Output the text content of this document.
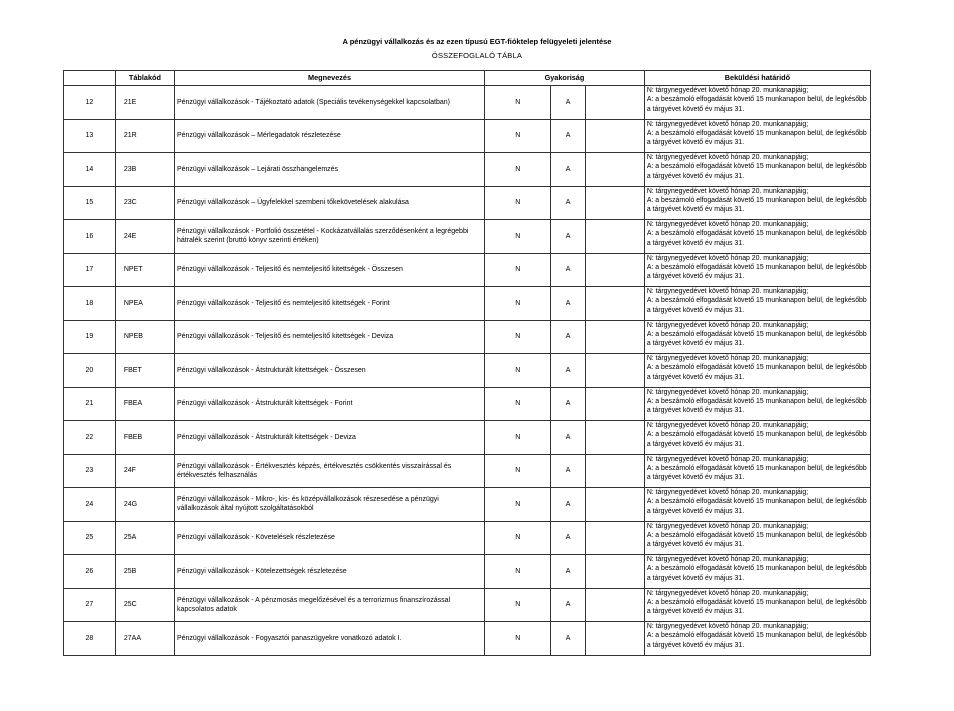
A pénzügyi vállalkozás és az ezen típusú EGT-fióktelep felügyeleti jelentése
ÖSSZEFOGLALÓ TÁBLA
	Táblakód	Megnevezés	Gyakoriság			Beküldési határidő
12	21E	Pénzügyi vállalkozások - Tájékoztató adatok (Speciális tevékenységekkel kapcsolatban)	N	A		N: tárgynegyedévet követő hónap 20. munkanapjáig;
A: a beszámoló elfogadását követő 15 munkanapon belül, de legkésőbb a tárgyévet követő év május 31.

13	21R	Pénzügyi vállalkozások – Mérlegadatok részletezése	N	A		N: tárgynegyedévet követő hónap 20. munkanapjáig;
A: a beszámoló elfogadását követő 15 munkanapon belül, de legkésőbb a tárgyévet követő év május 31.

14	23B	Pénzügyi vállalkozások – Lejárati összhangelemzés	N	A		N: tárgynegyedévet követő hónap 20. munkanapjáig;
A: a beszámoló elfogadását követő 15 munkanapon belül, de legkésőbb a tárgyévet követő év május 31.

15	23C	Pénzügyi vállalkozások – Ügyfelekkel szembeni tőkekövetelések alakulása	N	A		N: tárgynegyedévet követő hónap 20. munkanapjáig;
A: a beszámoló elfogadását követő 15 munkanapon belül, de legkésőbb a tárgyévet követő év május 31.

16	24E	Pénzügyi vállalkozások - Portfolió összetétel - Kockázatvállalás szerződésenként a legrégebbi hátralék szerint (bruttó könyv szerinti értéken)	N	A		N: tárgynegyedévet követő hónap 20. munkanapjáig;
A: a beszámoló elfogadását követő 15 munkanapon belül, de legkésőbb a tárgyévet követő év május 31.

17	NPET	Pénzügyi vállalkozások - Teljesítő és nemteljesítő kitettségek - Összesen	N	A		N: tárgynegyedévet követő hónap 20. munkanapjáig;
A: a beszámoló elfogadását követő 15 munkanapon belül, de legkésőbb a tárgyévet követő év május 31.

18	NPEA	Pénzügyi vállalkozások - Teljesítő és nemteljesítő kitettségek - Forint	N	A		N: tárgynegyedévet követő hónap 20. munkanapjáig;
A: a beszámoló elfogadását követő 15 munkanapon belül, de legkésőbb a tárgyévet követő év május 31.

19	NPEB	Pénzügyi vállalkozások - Teljesítő és nemteljesítő kitettségek - Deviza	N	A		N: tárgynegyedévet követő hónap 20. munkanapjáig;
A: a beszámoló elfogadását követő 15 munkanapon belül, de legkésőbb a tárgyévet követő év május 31.

20	FBET	Pénzügyi vállalkozások - Átstrukturált kitettségek - Összesen	N	A		N: tárgynegyedévet követő hónap 20. munkanapjáig;
A: a beszámoló elfogadását követő 15 munkanapon belül, de legkésőbb a tárgyévet követő év május 31.

21	FBEA	Pénzügyi vállalkozások - Átstrukturált kitettségek - Forint	N	A		N: tárgynegyedévet követő hónap 20. munkanapjáig;
A: a beszámoló elfogadását követő 15 munkanapon belül, de legkésőbb a tárgyévet követő év május 31.

22	FBEB	Pénzügyi vállalkozások - Átstrukturált kitettségek - Deviza	N	A		N: tárgynegyedévet követő hónap 20. munkanapjáig;
A: a beszámoló elfogadását követő 15 munkanapon belül, de legkésőbb a tárgyévet követő év május 31.

23	24F	Pénzügyi vállalkozások - Értékvesztés képzés, értékvesztés csökkentés visszaírással és értékvesztés felhasználás	N	A		N: tárgynegyedévet követő hónap 20. munkanapjáig;
A: a beszámoló elfogadását követő 15 munkanapon belül, de legkésőbb a tárgyévet követő év május 31.

24	24G	Pénzügyi vállalkozások - Mikro-, kis- és középvállalkozások részesedése a pénzügyi vállalkozások által nyújtott szolgáltatásokból	N	A		N: tárgynegyedévet követő hónap 20. munkanapjáig;
A: a beszámoló elfogadását követő 15 munkanapon belül, de legkésőbb a tárgyévet követő év május 31.

25	25A	Pénzügyi vállalkozások - Követelések részletezése	N	A		N: tárgynegyedévet követő hónap 20. munkanapjáig;
A: a beszámoló elfogadását követő 15 munkanapon belül, de legkésőbb a tárgyévet követő év május 31.

26	25B	Pénzügyi vállalkozások - Kötelezettségek részletezése	N	A		N: tárgynegyedévet követő hónap 20. munkanapjáig;
A: a beszámoló elfogadását követő 15 munkanapon belül, de legkésőbb a tárgyévet követő év május 31.

27	25C	Pénzügyi vállalkozások - A pénzmosás megelőzésével és a terrorizmus finanszírozással kapcsolatos adatok	N	A		N: tárgynegyedévet követő hónap 20. munkanapjáig;
A: a beszámoló elfogadását követő 15 munkanapon belül, de legkésőbb a tárgyévet követő év május 31.

28	27AA	Pénzügyi vállalkozások - Fogyasztói panaszügyekre vonatkozó adatok I.	N	A		N: tárgynegyedévet követő hónap 20. munkanapjáig;
A: a beszámoló elfogadását követő 15 munkanapon belül, de legkésőbb a tárgyévet követő év május 31.
